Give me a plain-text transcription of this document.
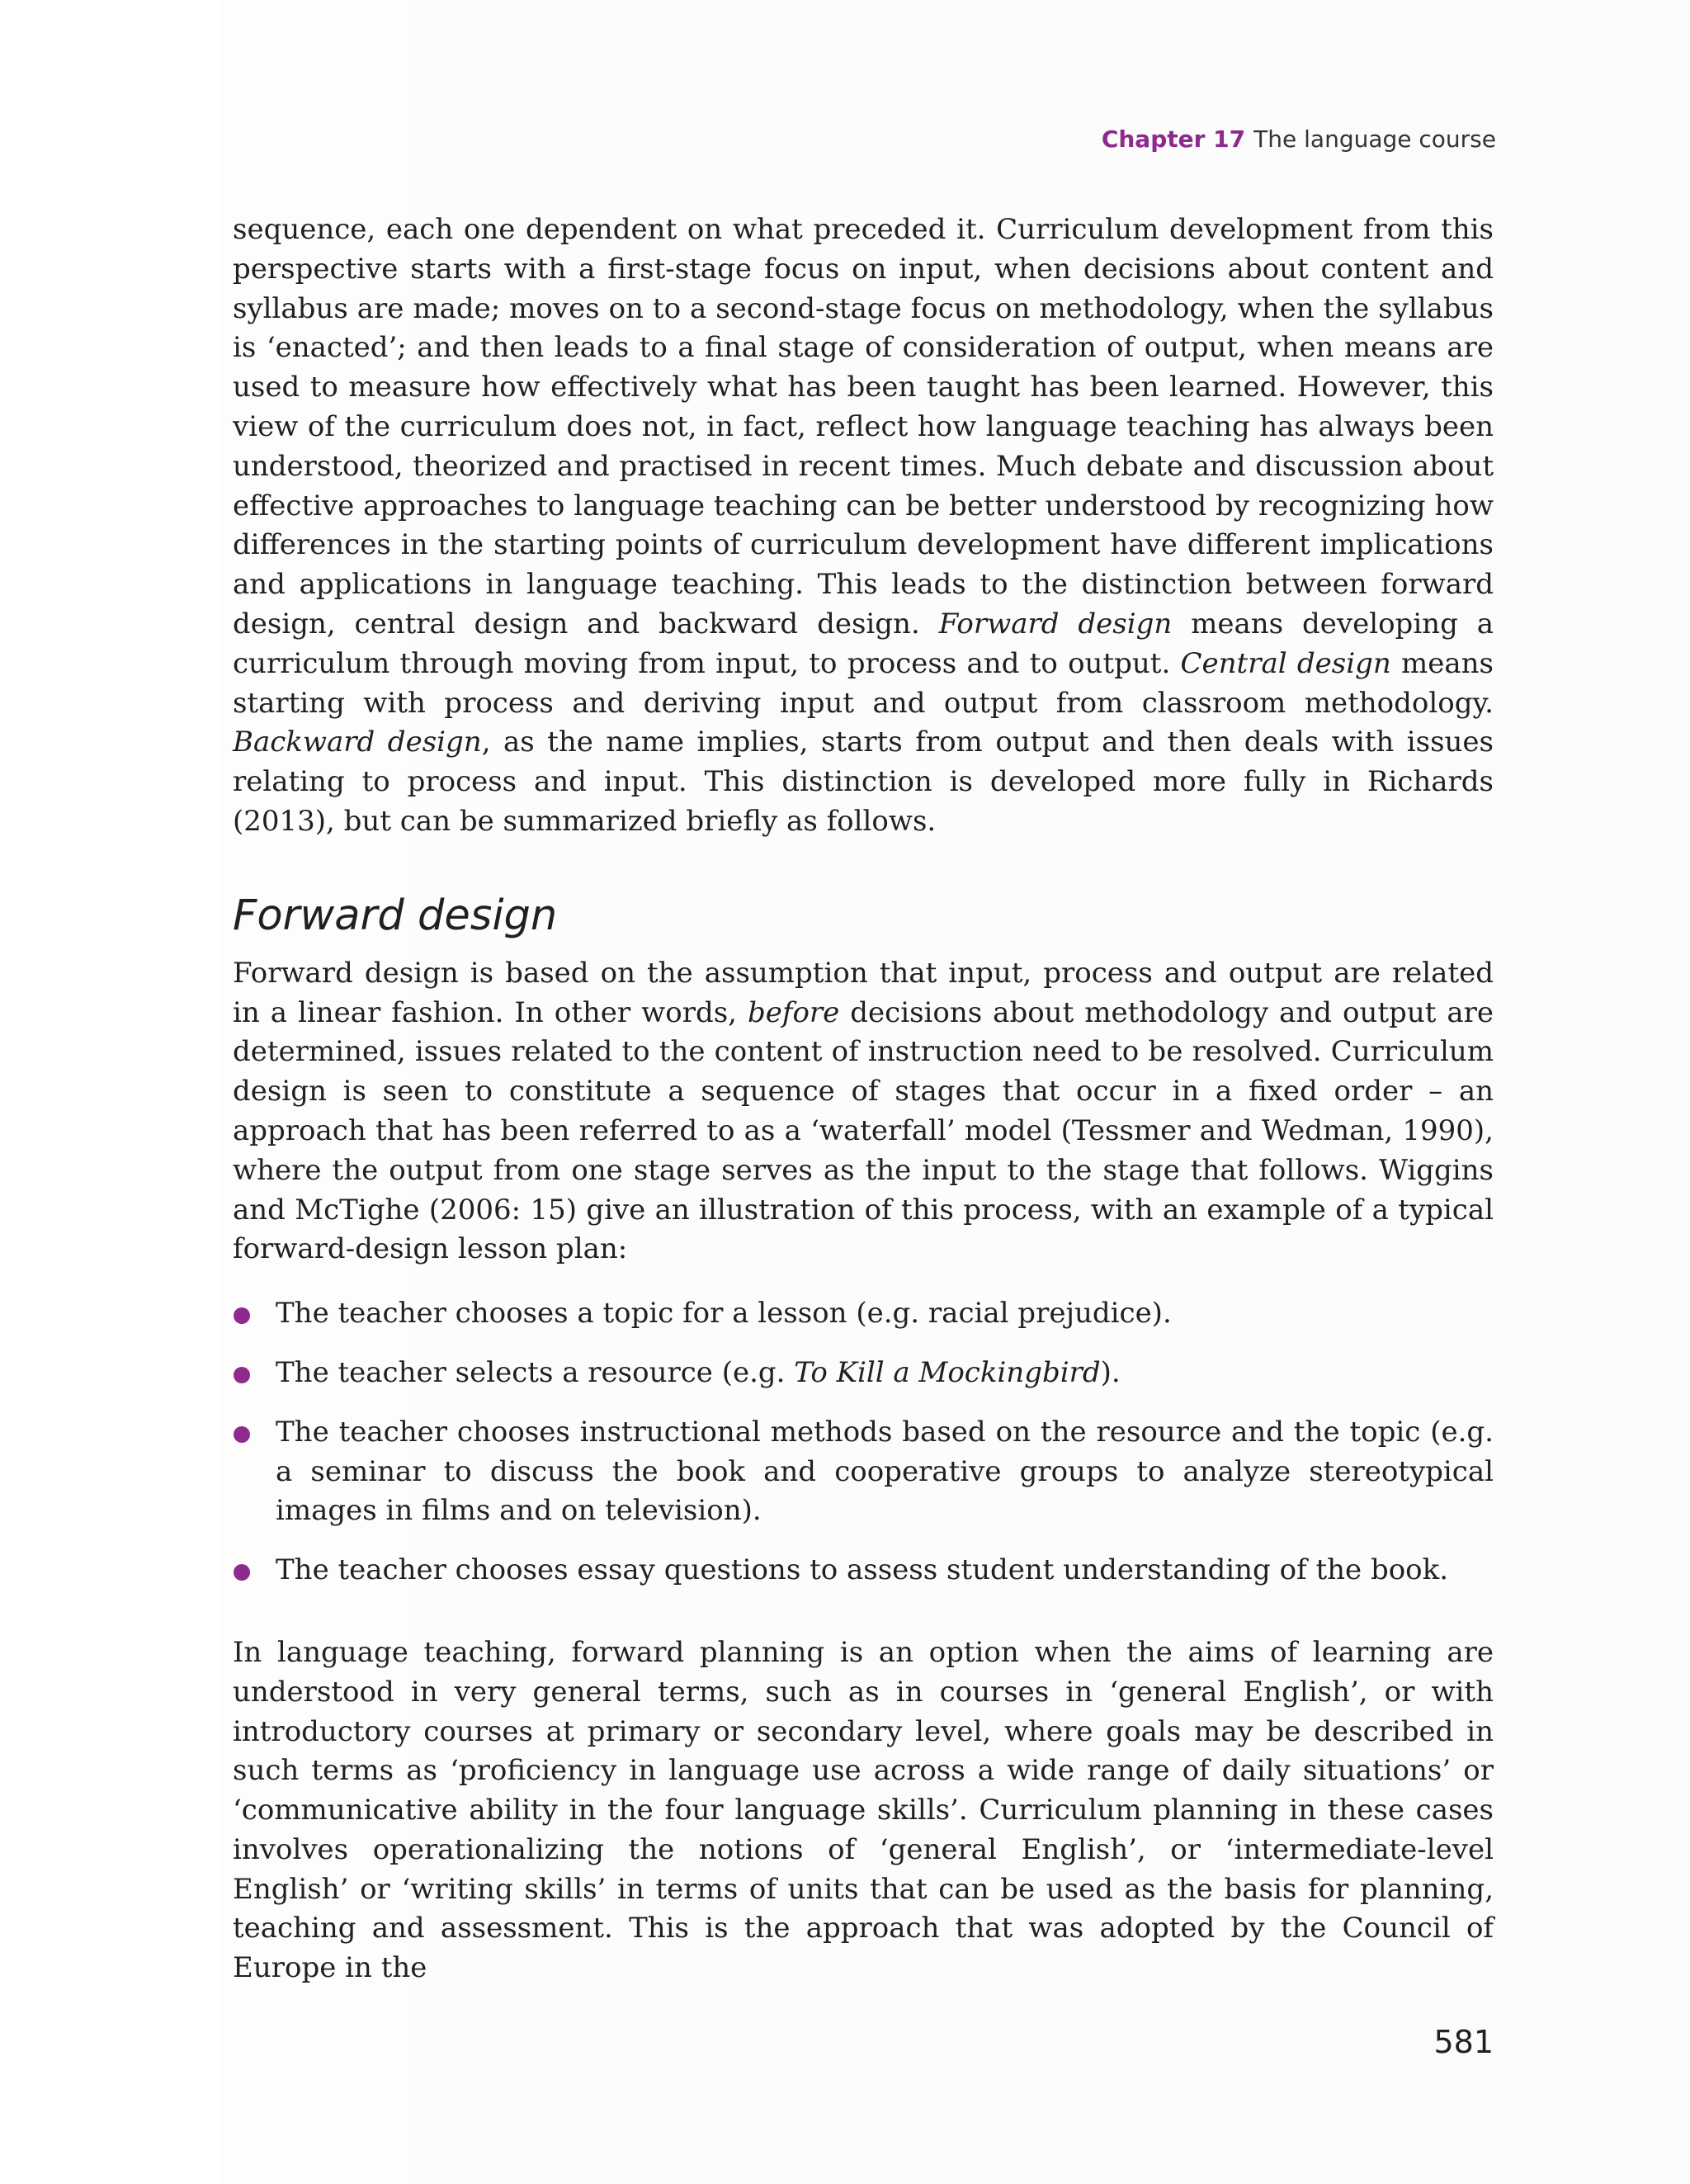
Chapter 17 The language course

sequence, each one dependent on what preceded it. Curriculum development from this perspective starts with a first-stage focus on input, when decisions about content and syllabus are made; moves on to a second-stage focus on methodology, when the syllabus is ‘enacted’; and then leads to a final stage of consideration of output, when means are used to measure how effectively what has been taught has been learned. However, this view of the curriculum does not, in fact, reflect how language teaching has always been understood, theorized and practised in recent times. Much debate and discussion about effective approaches to language teaching can be better understood by recognizing how differences in the starting points of curriculum development have different implications and applications in language teaching. This leads to the distinction between forward design, central design and backward design. Forward design means developing a curriculum through moving from input, to process and to output. Central design means starting with process and deriving input and output from classroom methodology. Backward design, as the name implies, starts from output and then deals with issues relating to process and input. This distinction is developed more fully in Richards (2013), but can be summarized briefly as follows.

Forward design

Forward design is based on the assumption that input, process and output are related in a linear fashion. In other words, before decisions about methodology and output are determined, issues related to the content of instruction need to be resolved. Curriculum design is seen to constitute a sequence of stages that occur in a fixed order – an approach that has been referred to as a ‘waterfall’ model (Tessmer and Wedman, 1990), where the output from one stage serves as the input to the stage that follows. Wiggins and McTighe (2006: 15) give an illustration of this process, with an example of a typical forward-design lesson plan:

The teacher chooses a topic for a lesson (e.g. racial prejudice).
The teacher selects a resource (e.g. To Kill a Mockingbird).
The teacher chooses instructional methods based on the resource and the topic (e.g. a seminar to discuss the book and cooperative groups to analyze stereotypical images in films and on television).
The teacher chooses essay questions to assess student understanding of the book.

In language teaching, forward planning is an option when the aims of learning are understood in very general terms, such as in courses in ‘general English’, or with introductory courses at primary or secondary level, where goals may be described in such terms as ‘proficiency in language use across a wide range of daily situations’ or ‘communicative ability in the four language skills’. Curriculum planning in these cases involves operationalizing the notions of ‘general English’, or ‘intermediate-level English’ or ‘writing skills’ in terms of units that can be used as the basis for planning, teaching and assessment. This is the approach that was adopted by the Council of Europe in the

581
